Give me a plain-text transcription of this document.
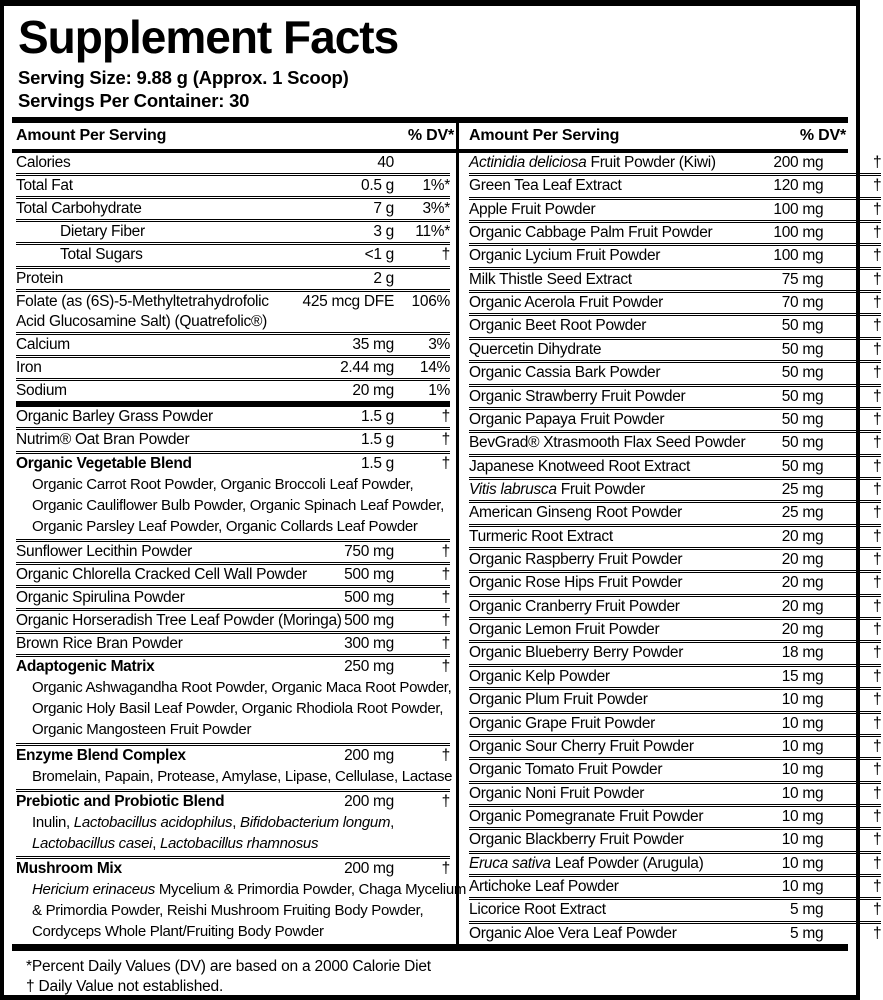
Supplement Facts
Serving Size: 9.88 g (Approx. 1 Scoop)
Servings Per Container: 30
Amount Per Serving	% DV* Amount Per Serving	% DV*
Calories	40
Total Fat	0.5 g	1%*
Total Carbohydrate	7 g	3%*
Dietary Fiber	3 g	11%*
Total Sugars	<1 g	†
Protein	2 g
Folate (as (6S)-5-Methyltetrahydrofolic
Acid Glucosamine Salt) (Quatrefolic®)
425 mcg DFE	106%
Calcium	35 mg	3%
Iron	2.44 mg	14%
Sodium	20 mg	1%
Organic Barley Grass Powder	1.5 g	†
Nutrim® Oat Bran Powder	1.5 g	†
Organic Vegetable Blend	1.5 g	†
Organic Carrot Root Powder, Organic Broccoli Leaf Powder,
Organic Cauliflower Bulb Powder, Organic Spinach Leaf Powder,
Organic Parsley Leaf Powder, Organic Collards Leaf Powder
Sunflower Lecithin Powder	750 mg	†
Organic Chlorella Cracked Cell Wall Powder	500 mg	†
Organic Spirulina Powder	500 mg	†
Organic Horseradish Tree Leaf Powder (Moringa) 500 mg	†
Brown Rice Bran Powder	300 mg	†
Adaptogenic Matrix	250 mg	†
Organic Ashwagandha Root Powder, Organic Maca Root Powder,
Organic Holy Basil Leaf Powder, Organic Rhodiola Root Powder,
Organic Mangosteen Fruit Powder
Enzyme Blend Complex	200 mg	†
Bromelain, Papain, Protease, Amylase, Lipase, Cellulase, Lactase
Prebiotic and Probiotic Blend	200 mg	†
Inulin, Lactobacillus acidophilus, Bifidobacterium longum,
Lactobacillus casei, Lactobacillus rhamnosus
Mushroom Mix	200 mg	†
Hericium erinaceus Mycelium & Primordia Powder, Chaga Mycelium
& Primordia Powder, Reishi Mushroom Fruiting Body Powder,
Cordyceps Whole Plant/Fruiting Body Powder
Actinidia deliciosa Fruit Powder (Kiwi)	200 mg	†
Green Tea Leaf Extract	120 mg	†
Apple Fruit Powder	100 mg	†
Organic Cabbage Palm Fruit Powder	100 mg	†
Organic Lycium Fruit Powder	100 mg	†
Milk Thistle Seed Extract	75 mg	†
Organic Acerola Fruit Powder	70 mg	†
Organic Beet Root Powder	50 mg	†
Quercetin Dihydrate	50 mg	†
Organic Cassia Bark Powder	50 mg	†
Organic Strawberry Fruit Powder	50 mg	†
Organic Papaya Fruit Powder	50 mg	†
BevGrad® Xtrasmooth Flax Seed Powder	50 mg	†
Japanese Knotweed Root Extract	50 mg	†
Vitis labrusca Fruit Powder	25 mg	†
American Ginseng Root Powder	25 mg	†
Turmeric Root Extract	20 mg	†
Organic Raspberry Fruit Powder	20 mg	†
Organic Rose Hips Fruit Powder	20 mg	†
Organic Cranberry Fruit Powder	20 mg	†
Organic Lemon Fruit Powder	20 mg	†
Organic Blueberry Berry Powder	18 mg	†
Organic Kelp Powder	15 mg	†
Organic Plum Fruit Powder	10 mg	†
Organic Grape Fruit Powder	10 mg	†
Organic Sour Cherry Fruit Powder	10 mg	†
Organic Tomato Fruit Powder	10 mg	†
Organic Noni Fruit Powder	10 mg	†
Organic Pomegranate Fruit Powder	10 mg	†
Organic Blackberry Fruit Powder	10 mg	†
Eruca sativa Leaf Powder (Arugula)	10 mg	†
Artichoke Leaf Powder	10 mg	†
Licorice Root Extract	5 mg	†
Organic Aloe Vera Leaf Powder	5 mg	†
*Percent Daily Values (DV) are based on a 2000 Calorie Diet
† Daily Value not established.
